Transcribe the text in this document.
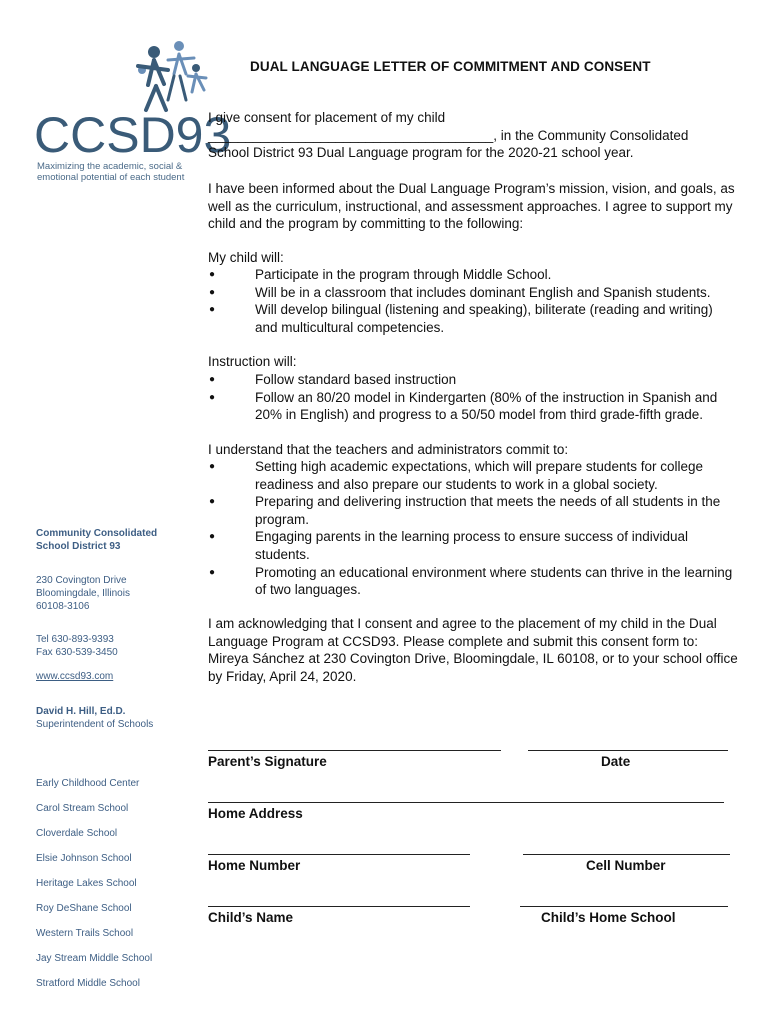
CCSD93
Maximizing the academic, social & emotional potential of each student
Community Consolidated School District 93
230 Covington Drive
Bloomingdale, Illinois
60108-3106
Tel 630-893-9393
Fax 630-539-3450
www.ccsd93.com
David H. Hill, Ed.D.
Superintendent of Schools
Early Childhood Center
Carol Stream School
Cloverdale School
Elsie Johnson School
Heritage Lakes School
Roy DeShane School
Western Trails School
Jay Stream Middle School
Stratford Middle School
DUAL LANGUAGE LETTER OF COMMITMENT AND CONSENT
I give consent for placement of my child
______________________________________, in the Community Consolidated
School District 93 Dual Language program for the 2020-21 school year.
I have been informed about the Dual Language Program’s mission, vision, and goals, as well as the curriculum, instructional, and assessment approaches. I agree to support my child and the program by committing to the following:
My child will:
●	Participate in the program through Middle School.
●	Will be in a classroom that includes dominant English and Spanish students.
●	Will develop bilingual (listening and speaking), biliterate (reading and writing) and multicultural competencies.
Instruction will:
●	Follow standard based instruction
●	Follow an 80/20 model in Kindergarten (80% of the instruction in Spanish and 20% in English) and progress to a 50/50 model from third grade-fifth grade.
I understand that the teachers and administrators commit to:
●	Setting high academic expectations, which will prepare students for college readiness and also prepare our students to work in a global society.
●	Preparing and delivering instruction that meets the needs of all students in the program.
●	Engaging parents in the learning process to ensure success of individual students.
●	Promoting an educational environment where students can thrive in the learning of two languages.
I am acknowledging that I consent and agree to the placement of my child in the Dual Language Program at CCSD93. Please complete and submit this consent form to: Mireya Sánchez at 230 Covington Drive, Bloomingdale, IL 60108, or to your school office by Friday, April 24, 2020.
Parent’s Signature	Date
Home Address
Home Number	Cell Number
Child’s Name	Child’s Home School
